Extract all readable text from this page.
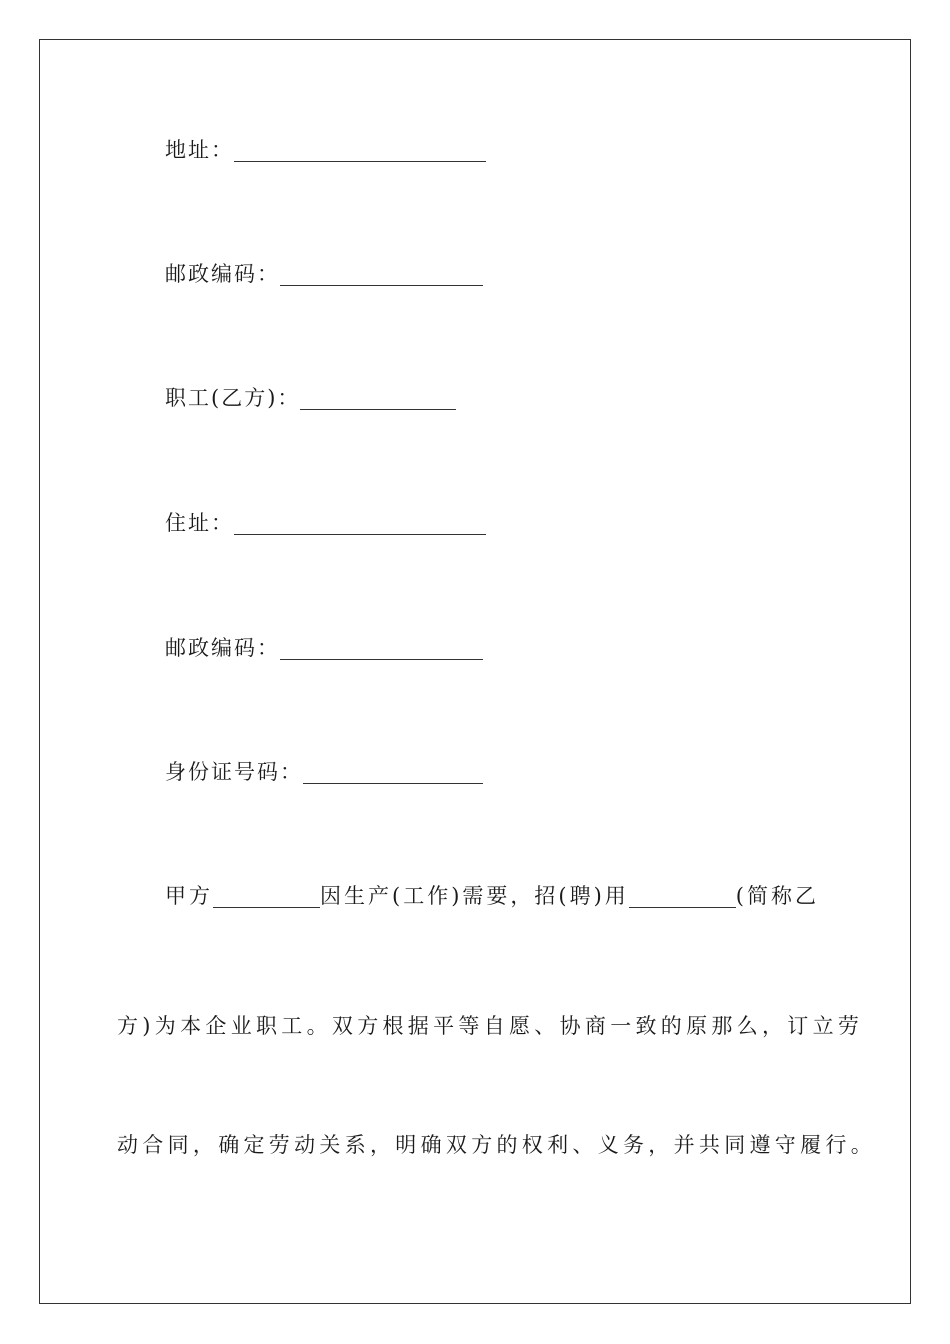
地址：
邮政编码：
职工(乙方)：
住址：
邮政编码：
身份证号码：
甲方	因生产(工作)需要，招(聘)用	(简称乙
方)为本企业职工。双方根据平等自愿、协商一致的原那么，订立劳
动合同，确定劳动关系，明确双方的权利、义务，并共同遵守履行。
